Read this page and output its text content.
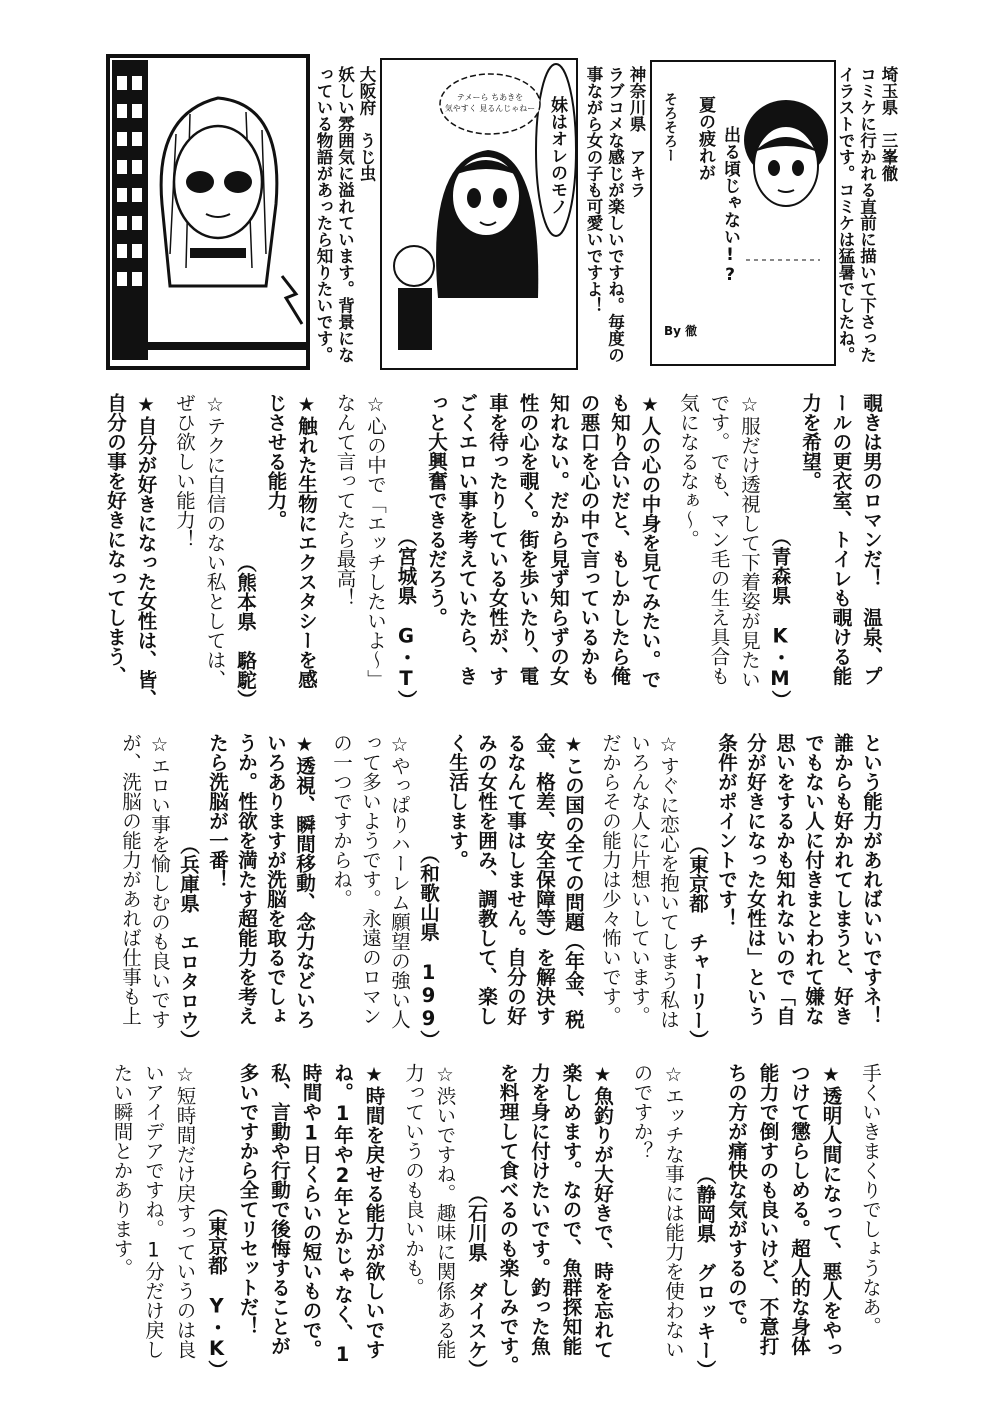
大阪府　うじ虫

妖しい雰囲気に溢れています。背景にな

っている物語があったら知りたいです。	妹はオレのモノ
テメーら ちあきを
気やすく 見るんじゃねー	神奈川県　アキラ

ラブコメな感じが楽しいですね。毎度の

事ながら女の子も可愛いですよ！	そろそろー 夏の疲れが 出る頃じゃない!?
By 徹

埼玉県　三峯徹

コミケに行かれる直前に描いて下さった

イラストです。コミケは猛暑でしたね。

覗きは男のロマンだ！　温泉、プ

ールの更衣室、トイレも覗ける能

力を希望。

（青森県　K・M）

☆服だけ透視して下着姿が見たい

です。でも、マン毛の生え具合も

気になるなぁ〜。

★人の心の中身を見てみたい。で

も知り合いだと、もしかしたら俺

の悪口を心の中で言っているかも

知れない。だから見ず知らずの女

性の心を覗く。街を歩いたり、電

車を待ったりしている女性が、す

ごくエロい事を考えていたら、き

っと大興奮できるだろう。

（宮城県　G・T）

☆心の中で「エッチしたいよ〜」

なんて言ってたら最高！

★触れた生物にエクスタシーを感

じさせる能力。

（熊本県　駱駝）

☆テクに自信のない私としては、

ぜひ欲しい能力！

★自分が好きになった女性は、皆、

自分の事を好きになってしまう、

という能力があればいいですネ！

誰からも好かれてしまうと、好き

でもない人に付きまとわれて嫌な

思いをするかも知れないので「自

分が好きになった女性は」という

条件がポイントです！

（東京都　チャーリー）

☆すぐに恋心を抱いてしまう私は

いろんな人に片想いしています。

だからその能力は少々怖いです。

★この国の全ての問題（年金、税

金、格差、安全保障等）を解決す

るなんて事はしません。自分の好

みの女性を囲み、調教して、楽し

く生活します。

（和歌山県　199）

☆やっぱりハーレム願望の強い人

って多いようです。永遠のロマン

の一つですからね。

★透視、瞬間移動、念力などいろ

いろありますが洗脳を取るでしょ

うか。性欲を満たす超能力を考え

たら洗脳が一番！

（兵庫県　エロタロウ）

☆エロい事を愉しむのも良いです

が、洗脳の能力があれば仕事も上

手くいきまくりでしょうなあ。

★透明人間になって、悪人をやっ

つけて懲らしめる。超人的な身体

能力で倒すのも良いけど、不意打

ちの方が痛快な気がするので。

（静岡県　グロッキー）

☆エッチな事には能力を使わない

のですか？

★魚釣りが大好きで、時を忘れて

楽しめます。なので、魚群探知能

力を身に付けたいです。釣った魚

を料理して食べるのも楽しみです。

（石川県　ダイスケ）

☆渋いですね。趣味に関係ある能

力っていうのも良いかも。

★時間を戻せる能力が欲しいです

ね。1年や2年とかじゃなく、1

時間や1日くらいの短いもので。

私、言動や行動で後悔することが

多いですから全てリセットだ！

（東京都　Y・K）

☆短時間だけ戻すっていうのは良

いアイデアですね。1分だけ戻し

たい瞬間とかあります。
